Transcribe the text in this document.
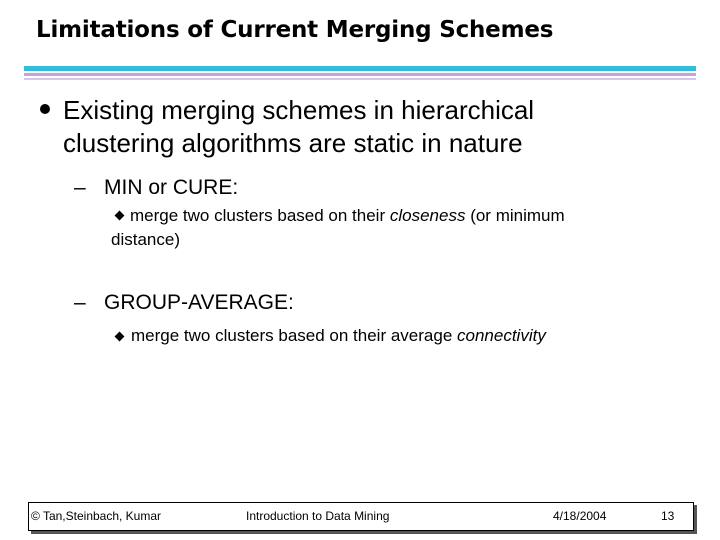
Limitations of Current Merging Schemes
Existing merging schemes in hierarchical
clustering algorithms are static in nature
– MIN or CURE:
merge two clusters based on their closeness (or minimum
distance)
– GROUP-AVERAGE:
merge two clusters based on their average connectivity
© Tan,Steinbach, Kumar	Introduction to Data Mining	4/18/2004	13
